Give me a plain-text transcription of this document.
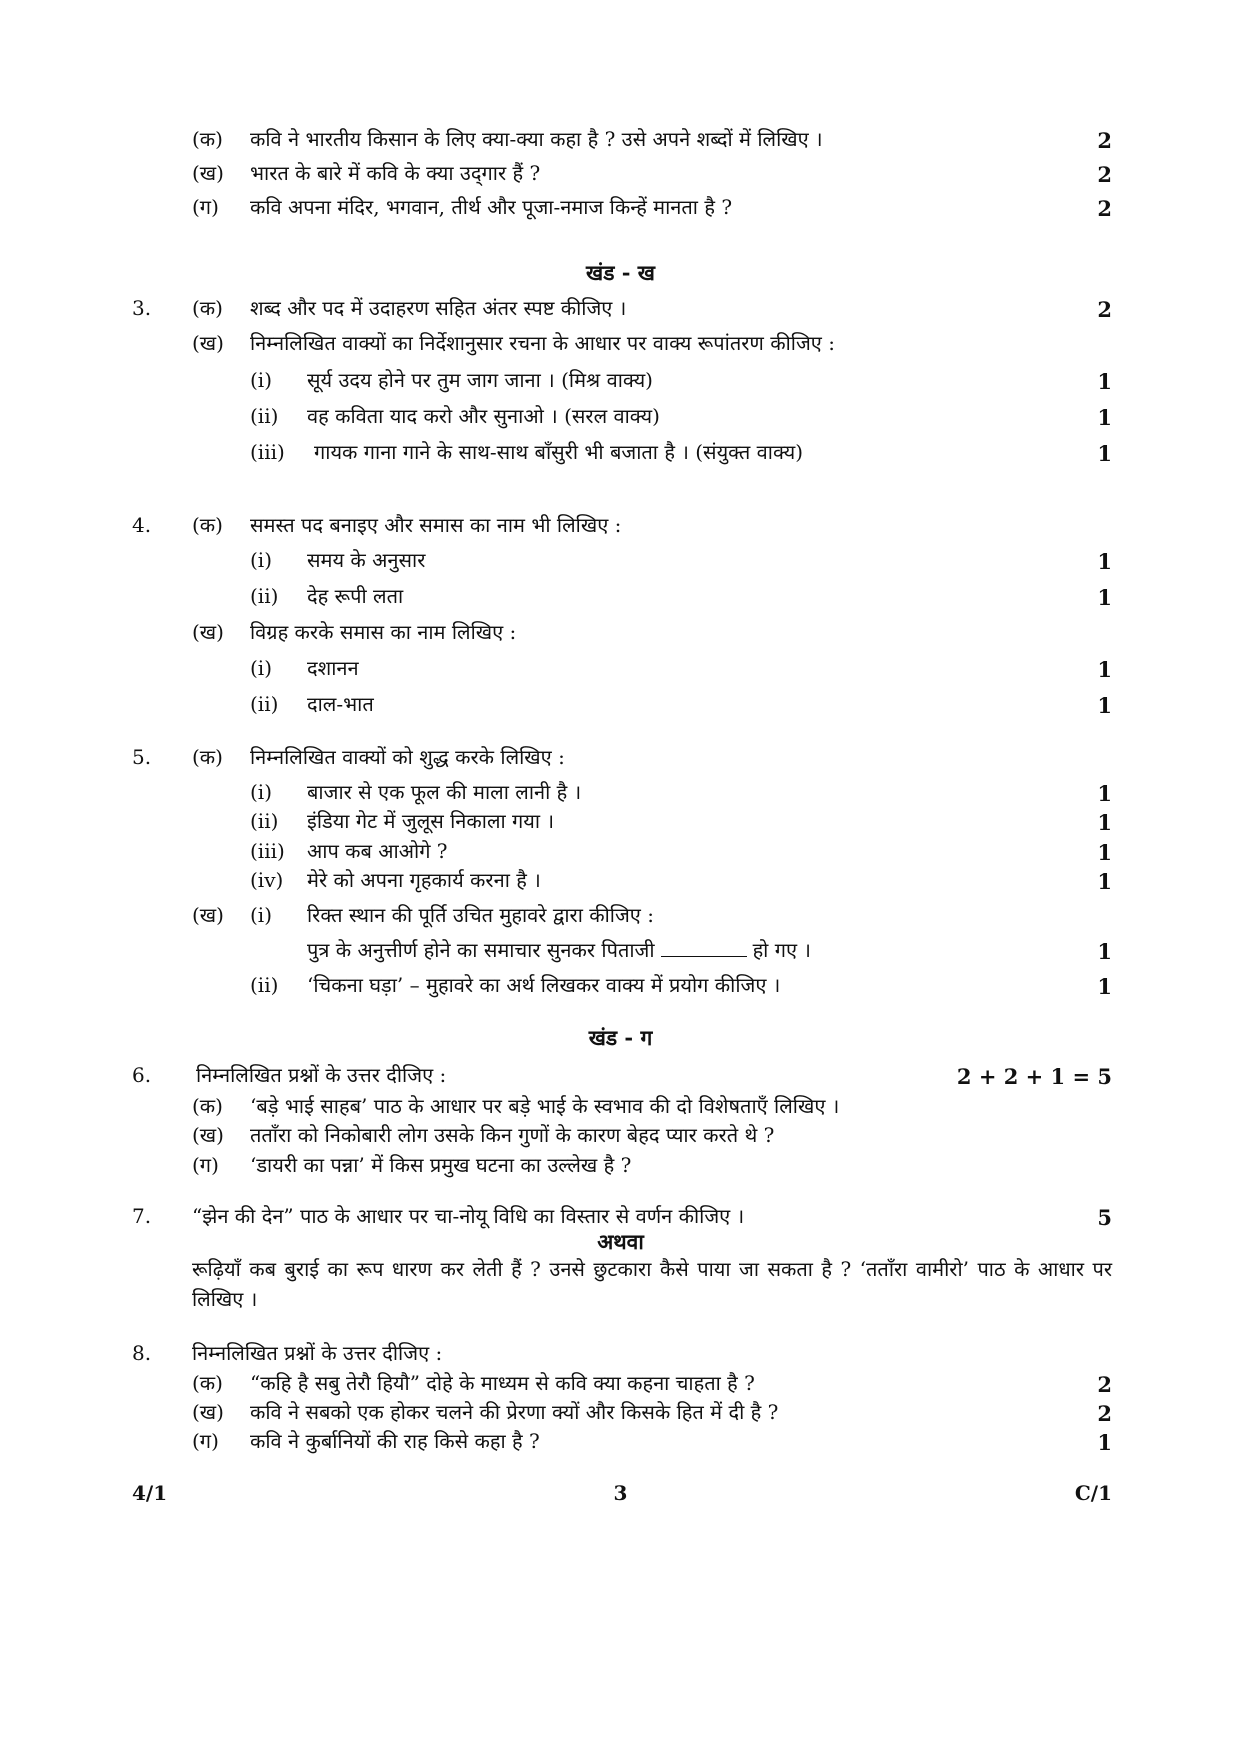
(क) कवि ने भारतीय किसान के लिए क्या-क्या कहा है ? उसे अपने शब्दों में लिखिए ।	2
(ख) भारत के बारे में कवि के क्या उद्‌गार हैं ?	2
(ग) कवि अपना मंदिर, भगवान, तीर्थ और पूजा-नमाज किन्हें मानता है ?	2
खंड - ख
3. (क) शब्द और पद में उदाहरण सहित अंतर स्पष्ट कीजिए ।	2
(ख) निम्नलिखित वाक्यों का निर्देशानुसार रचना के आधार पर वाक्य रूपांतरण कीजिए :
(i) सूर्य उदय होने पर तुम जाग जाना । (मिश्र वाक्य)	1
(ii) वह कविता याद करो और सुनाओ । (सरल वाक्य)	1
(iii) गायक गाना गाने के साथ-साथ बाँसुरी भी बजाता है । (संयुक्त वाक्य)	1
4. (क) समस्त पद बनाइए और समास का नाम भी लिखिए :
(i) समय के अनुसार	1
(ii) देह रूपी लता	1
(ख) विग्रह करके समास का नाम लिखिए :
(i) दशानन	1
(ii) दाल-भात	1
5. (क) निम्नलिखित वाक्यों को शुद्ध करके लिखिए :
(i) बाजार से एक फूल की माला लानी है ।	1
(ii) इंडिया गेट में जुलूस निकाला गया ।	1
(iii) आप कब आओगे ?	1
(iv) मेरे को अपना गृहकार्य करना है ।	1
(ख) (i) रिक्त स्थान की पूर्ति उचित मुहावरे द्वारा कीजिए :
पुत्र के अनुत्तीर्ण होने का समाचार सुनकर पिताजी	हो गए ।	1
(ii) ‘चिकना घड़ा’ – मुहावरे का अर्थ लिखकर वाक्य में प्रयोग कीजिए ।	1
खंड - ग
6. निम्नलिखित प्रश्नों के उत्तर दीजिए :	2 + 2 + 1 = 5
(क) ‘बड़े भाई साहब’ पाठ के आधार पर बड़े भाई के स्वभाव की दो विशेषताएँ लिखिए ।
(ख) तताँरा को निकोबारी लोग उसके किन गुणों के कारण बेहद प्यार करते थे ?
(ग) ‘डायरी का पन्ना’ में किस प्रमुख घटना का उल्लेख है ?
7. “झेन की देन” पाठ के आधार पर चा-नोयू विधि का विस्तार से वर्णन कीजिए ।	5
अथवा
रूढ़ियाँ कब बुराई का रूप धारण कर लेती हैं ? उनसे छुटकारा कैसे पाया जा सकता है ? ‘तताँरा वामीरो’ पाठ के आधार पर लिखिए ।
8. निम्नलिखित प्रश्नों के उत्तर दीजिए :
(क) “कहि है सबु तेरौ हियौ” दोहे के माध्यम से कवि क्या कहना चाहता है ?	2
(ख) कवि ने सबको एक होकर चलने की प्रेरणा क्यों और किसके हित में दी है ?	2
(ग) कवि ने कुर्बानियों की राह किसे कहा है ?	1
4/1	3	C/1
